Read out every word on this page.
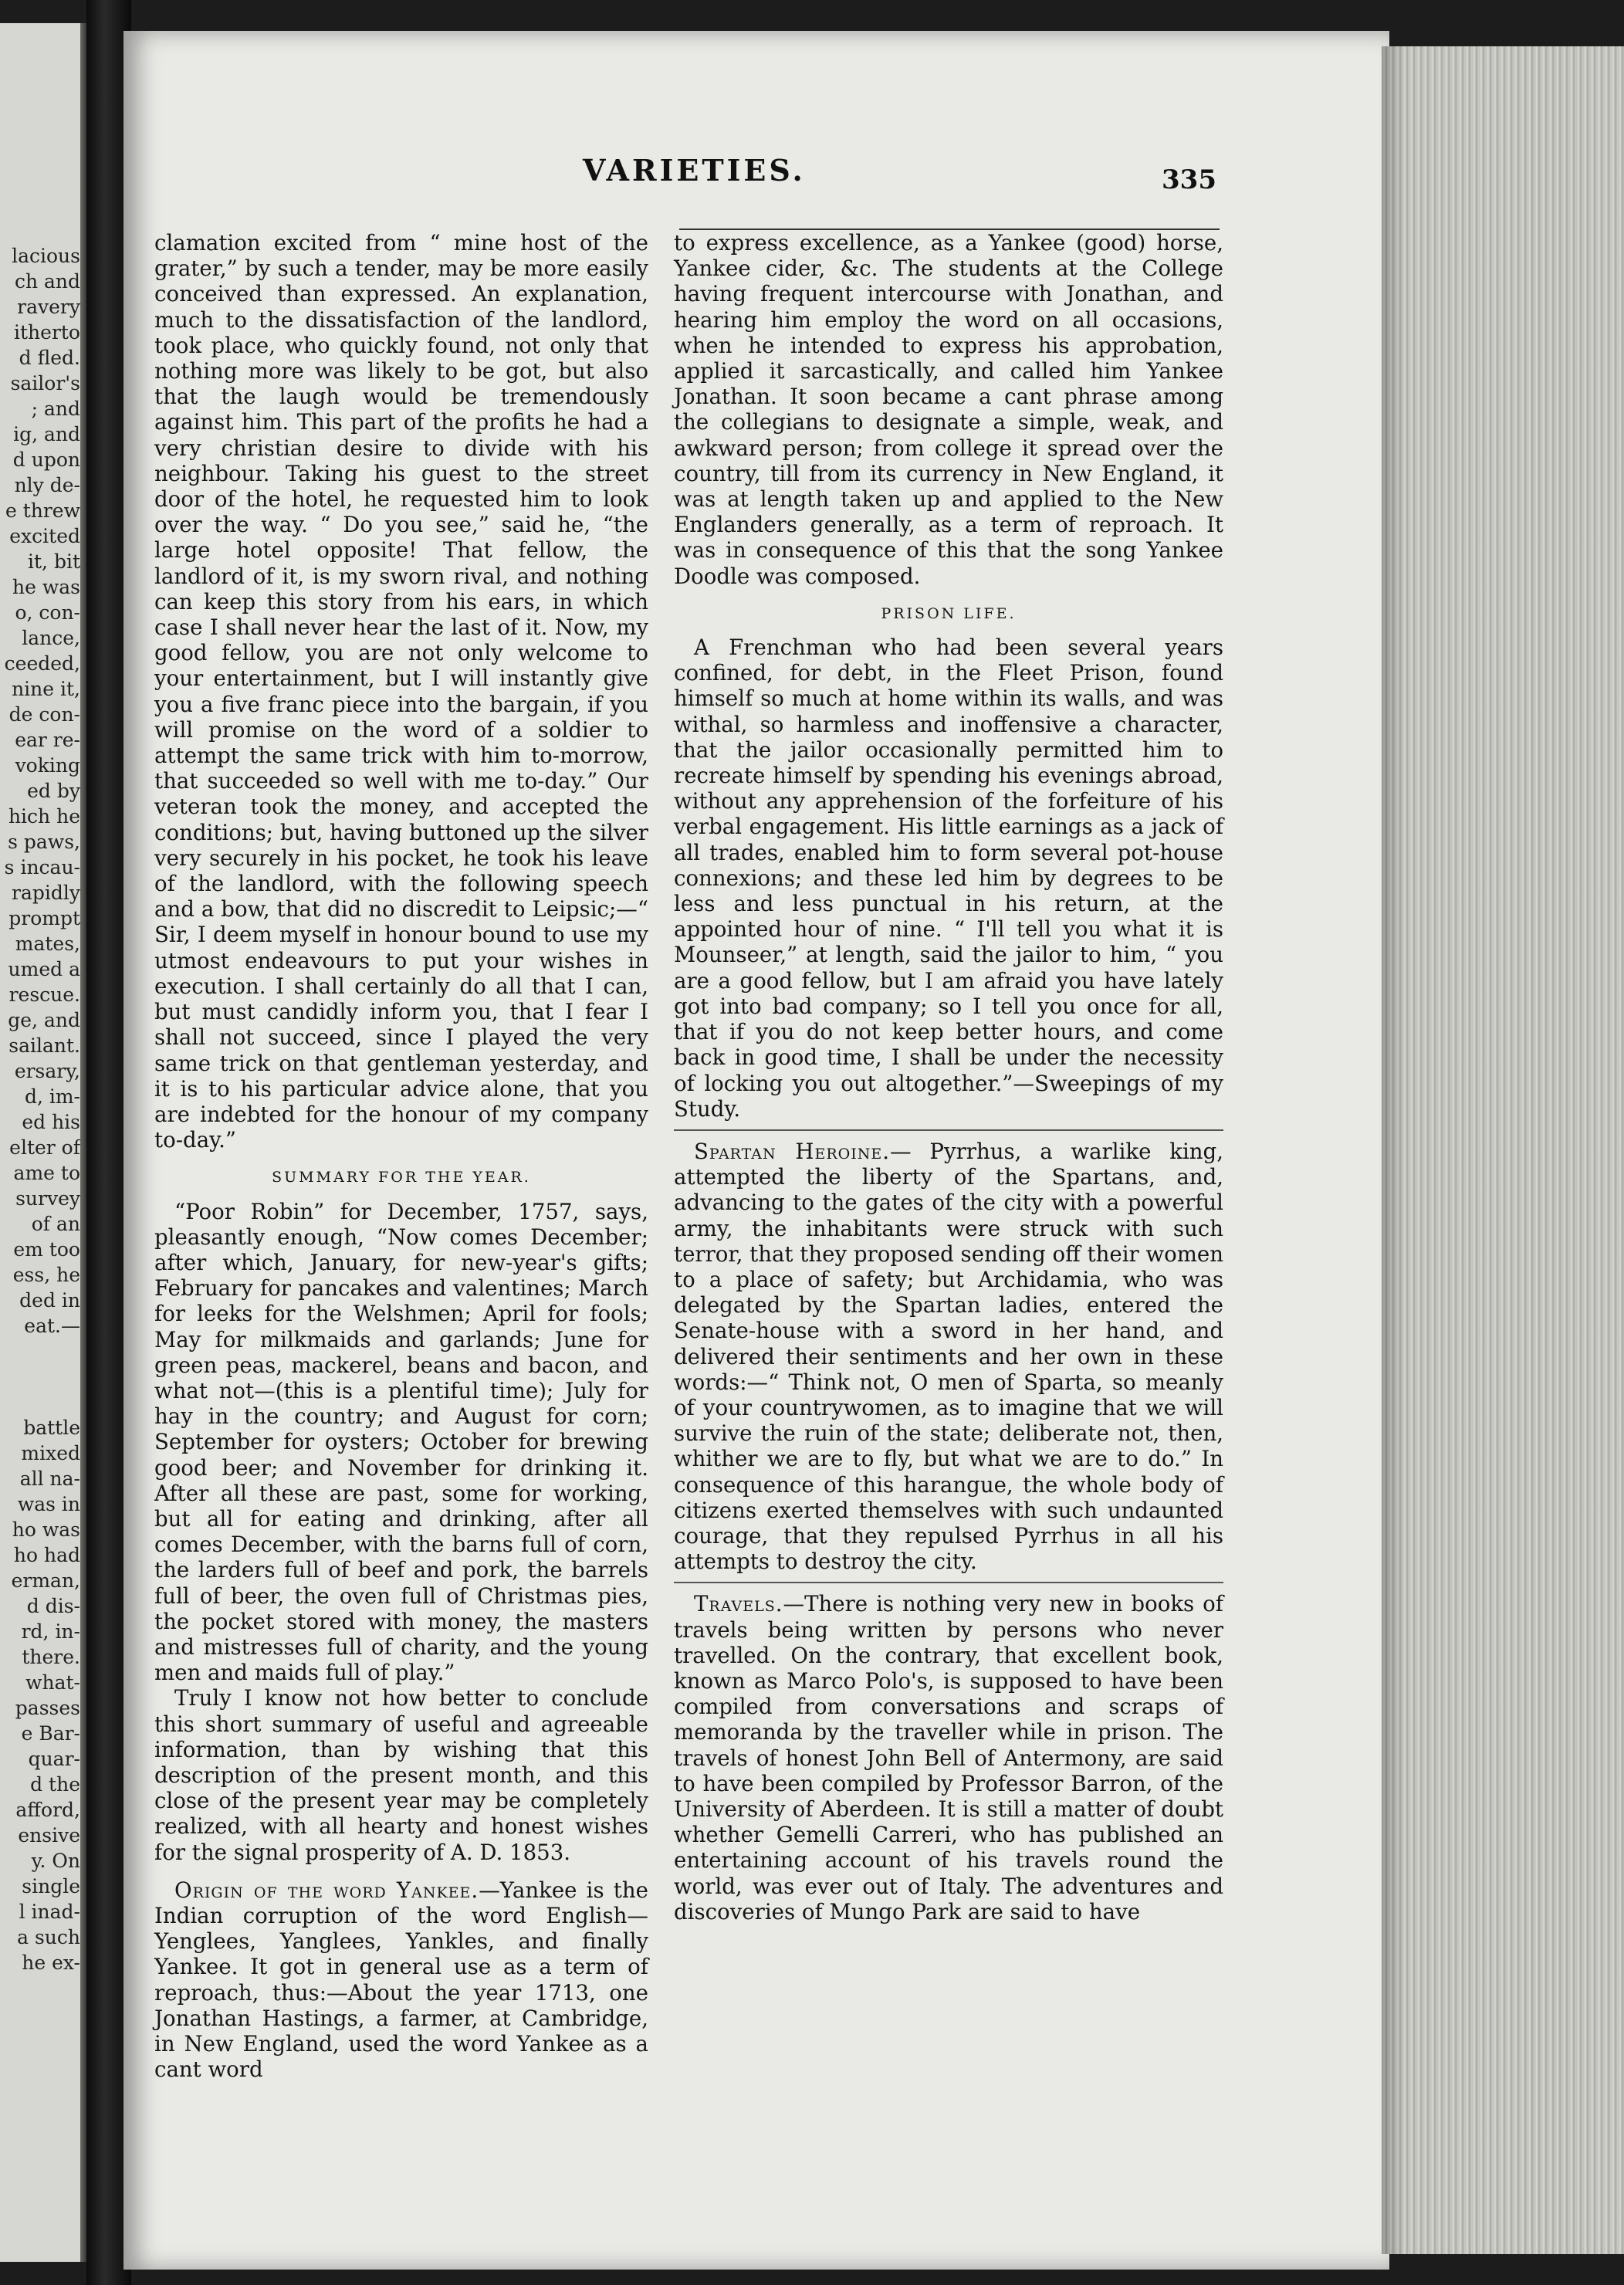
lacious
ch and
ravery
itherto
d fled.
sailor's
; and
ig, and
d upon
nly de-
e threw
excited
it, bit
he was
o, con-
lance,
ceeded,
nine it,
de con-
ear re-
voking
ed by
hich he
s paws,
s incau-
rapidly
prompt
mates,
umed a
rescue.
ge, and
sailant.
ersary,
d, im-
ed his
elter of
ame to
survey
of an
em too
ess, he
ded in
eat.—
battle
mixed
all na-
was in
ho was
ho had
erman,
d dis-
rd, in-
there.
what-
passes
e Bar-
quar-
d the
afford,
ensive
y. On
single
l inad-
a such
he ex-
VARIETIES.	335

clamation excited from “ mine host of the grater,” by such a tender, may be more easily conceived than expressed. An explanation, much to the dissatisfaction of the landlord, took place, who quickly found, not only that nothing more was likely to be got, but also that the laugh would be tremendously against him. This part of the profits he had a very christian desire to divide with his neighbour. Taking his guest to the street door of the hotel, he requested him to look over the way. “ Do you see,” said he, “the large hotel opposite! That fellow, the landlord of it, is my sworn rival, and nothing can keep this story from his ears, in which case I shall never hear the last of it. Now, my good fellow, you are not only welcome to your entertainment, but I will instantly give you a five franc piece into the bargain, if you will promise on the word of a soldier to attempt the same trick with him to-morrow, that succeeded so well with me to-day.” Our veteran took the money, and accepted the conditions; but, having buttoned up the silver very securely in his pocket, he took his leave of the landlord, with the following speech and a bow, that did no discredit to Leipsic;—“ Sir, I deem myself in honour bound to use my utmost endeavours to put your wishes in execution. I shall certainly do all that I can, but must candidly inform you, that I fear I shall not succeed, since I played the very same trick on that gentleman yesterday, and it is to his particular advice alone, that you are indebted for the honour of my company to-day.”

SUMMARY FOR THE YEAR.

“Poor Robin” for December, 1757, says, pleasantly enough, “Now comes December; after which, January, for new-year's gifts; February for pancakes and valentines; March for leeks for the Welshmen; April for fools; May for milkmaids and garlands; June for green peas, mackerel, beans and bacon, and what not—(this is a plentiful time); July for hay in the country; and August for corn; September for oysters; October for brewing good beer; and November for drinking it. After all these are past, some for working, but all for eating and drinking, after all comes December, with the barns full of corn, the larders full of beef and pork, the barrels full of beer, the oven full of Christmas pies, the pocket stored with money, the masters and mistresses full of charity, and the young men and maids full of play.”

Truly I know not how better to conclude this short summary of useful and agreeable information, than by wishing that this description of the present month, and this close of the present year may be completely realized, with all hearty and honest wishes for the signal prosperity of A. D. 1853.

Origin of the word Yankee.—Yankee is the Indian corruption of the word English—Yenglees, Yanglees, Yankles, and finally Yankee. It got in general use as a term of reproach, thus:—About the year 1713, one Jonathan Hastings, a farmer, at Cambridge, in New England, used the word Yankee as a cant word

to express excellence, as a Yankee (good) horse, Yankee cider, &c. The students at the College having frequent intercourse with Jonathan, and hearing him employ the word on all occasions, when he intended to express his approbation, applied it sarcastically, and called him Yankee Jonathan. It soon became a cant phrase among the collegians to designate a simple, weak, and awkward person; from college it spread over the country, till from its currency in New England, it was at length taken up and applied to the New Englanders generally, as a term of reproach. It was in consequence of this that the song Yankee Doodle was composed.

PRISON LIFE.

A Frenchman who had been several years confined, for debt, in the Fleet Prison, found himself so much at home within its walls, and was withal, so harmless and inoffensive a character, that the jailor occasionally permitted him to recreate himself by spending his evenings abroad, without any apprehension of the forfeiture of his verbal engagement. His little earnings as a jack of all trades, enabled him to form several pot-house connexions; and these led him by degrees to be less and less punctual in his return, at the appointed hour of nine. “ I'll tell you what it is Mounseer,” at length, said the jailor to him, “ you are a good fellow, but I am afraid you have lately got into bad company; so I tell you once for all, that if you do not keep better hours, and come back in good time, I shall be under the necessity of locking you out altogether.”—Sweepings of my Study.

Spartan Heroine.— Pyrrhus, a warlike king, attempted the liberty of the Spartans, and, advancing to the gates of the city with a powerful army, the inhabitants were struck with such terror, that they proposed sending off their women to a place of safety; but Archidamia, who was delegated by the Spartan ladies, entered the Senate-house with a sword in her hand, and delivered their sentiments and her own in these words:—“ Think not, O men of Sparta, so meanly of your countrywomen, as to imagine that we will survive the ruin of the state; deliberate not, then, whither we are to fly, but what we are to do.” In consequence of this harangue, the whole body of citizens exerted themselves with such undaunted courage, that they repulsed Pyrrhus in all his attempts to destroy the city.

Travels.—There is nothing very new in books of travels being written by persons who never travelled. On the contrary, that excellent book, known as Marco Polo's, is supposed to have been compiled from conversations and scraps of memoranda by the traveller while in prison. The travels of honest John Bell of Antermony, are said to have been compiled by Professor Barron, of the University of Aberdeen. It is still a matter of doubt whether Gemelli Carreri, who has published an entertaining account of his travels round the world, was ever out of Italy. The adventures and discoveries of Mungo Park are said to have
